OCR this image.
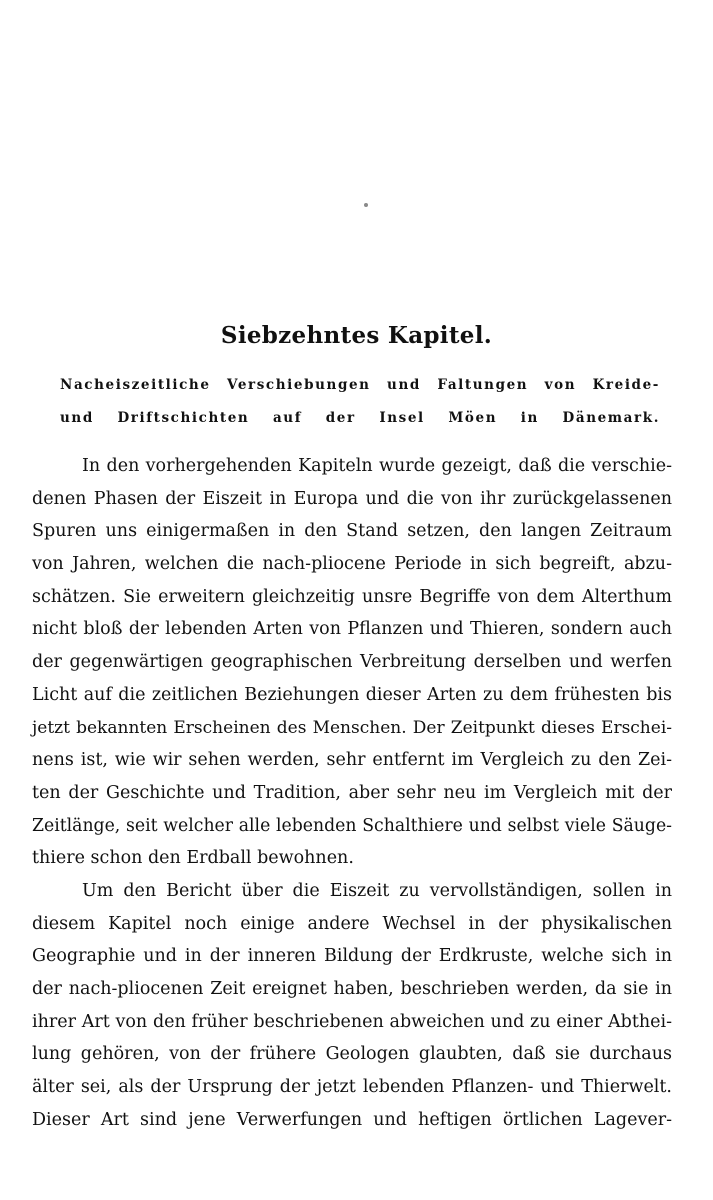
Siebzehntes Kapitel.
Nacheiszeitliche Verschiebungen und Faltungen von Kreide-
und Driftschichten auf der Insel Möen in Dänemark.
In den vorhergehenden Kapiteln wurde gezeigt, daß die verschie-
denen Phasen der Eiszeit in Europa und die von ihr zurückgelassenen
Spuren uns einigermaßen in den Stand setzen, den langen Zeitraum
von Jahren, welchen die nach-pliocene Periode in sich begreift, abzu-
schätzen. Sie erweitern gleichzeitig unsre Begriffe von dem Alterthum
nicht bloß der lebenden Arten von Pflanzen und Thieren, sondern auch
der gegenwärtigen geographischen Verbreitung derselben und werfen
Licht auf die zeitlichen Beziehungen dieser Arten zu dem frühesten bis
jetzt bekannten Erscheinen des Menschen. Der Zeitpunkt dieses Erschei-
nens ist, wie wir sehen werden, sehr entfernt im Vergleich zu den Zei-
ten der Geschichte und Tradition, aber sehr neu im Vergleich mit der
Zeitlänge, seit welcher alle lebenden Schalthiere und selbst viele Säuge-
thiere schon den Erdball bewohnen.
Um den Bericht über die Eiszeit zu vervollständigen, sollen in
diesem Kapitel noch einige andere Wechsel in der physikalischen
Geographie und in der inneren Bildung der Erdkruste, welche sich in
der nach-pliocenen Zeit ereignet haben, beschrieben werden, da sie in
ihrer Art von den früher beschriebenen abweichen und zu einer Abthei-
lung gehören, von der frühere Geologen glaubten, daß sie durchaus
älter sei, als der Ursprung der jetzt lebenden Pflanzen- und Thierwelt.
Dieser Art sind jene Verwerfungen und heftigen örtlichen Lagever-
